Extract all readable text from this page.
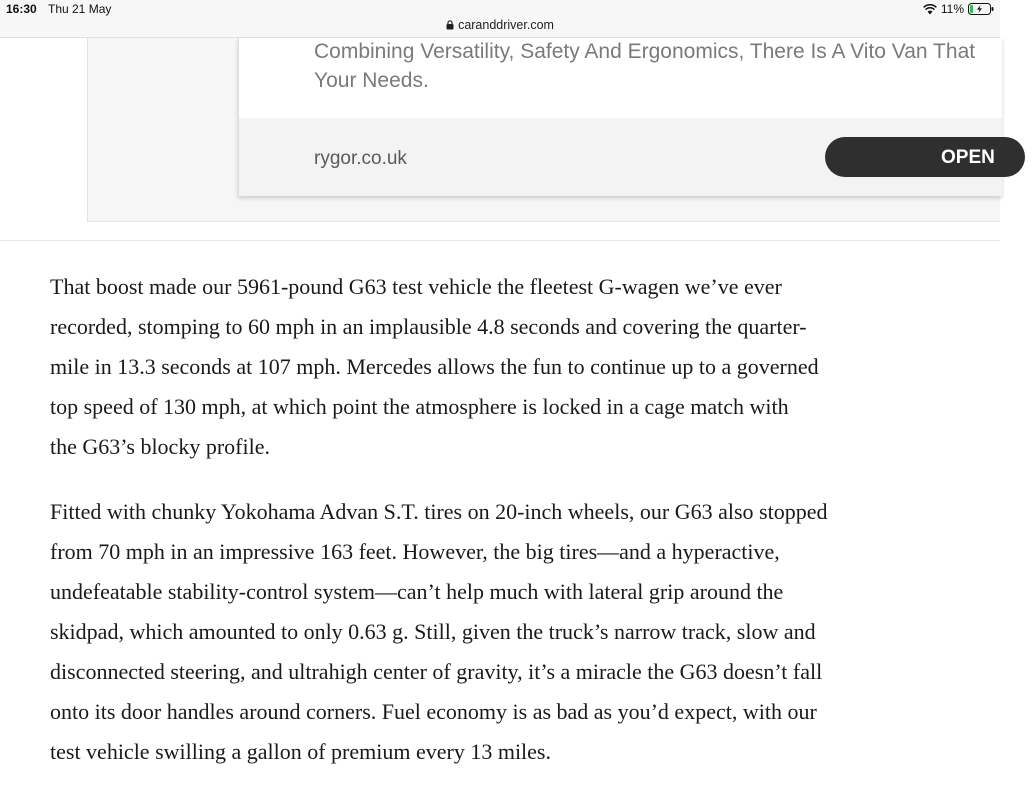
16:30 Thu 21 May
caranddriver.com
11%

Combining Versatility, Safety And Ergonomics, There Is A Vito Van That
Your Needs.

rygor.co.uk	OPEN

That boost made our 5961-pound G63 test vehicle the fleetest G-wagen we’ve ever
recorded, stomping to 60 mph in an implausible 4.8 seconds and covering the quarter-
mile in 13.3 seconds at 107 mph. Mercedes allows the fun to continue up to a governed
top speed of 130 mph, at which point the atmosphere is locked in a cage match with
the G63’s blocky profile.

Fitted with chunky Yokohama Advan S.T. tires on 20-inch wheels, our G63 also stopped
from 70 mph in an impressive 163 feet. However, the big tires—and a hyperactive,
undefeatable stability-control system—can’t help much with lateral grip around the
skidpad, which amounted to only 0.63 g. Still, given the truck’s narrow track, slow and
disconnected steering, and ultrahigh center of gravity, it’s a miracle the G63 doesn’t fall
onto its door handles around corners. Fuel economy is as bad as you’d expect, with our
test vehicle swilling a gallon of premium every 13 miles.
